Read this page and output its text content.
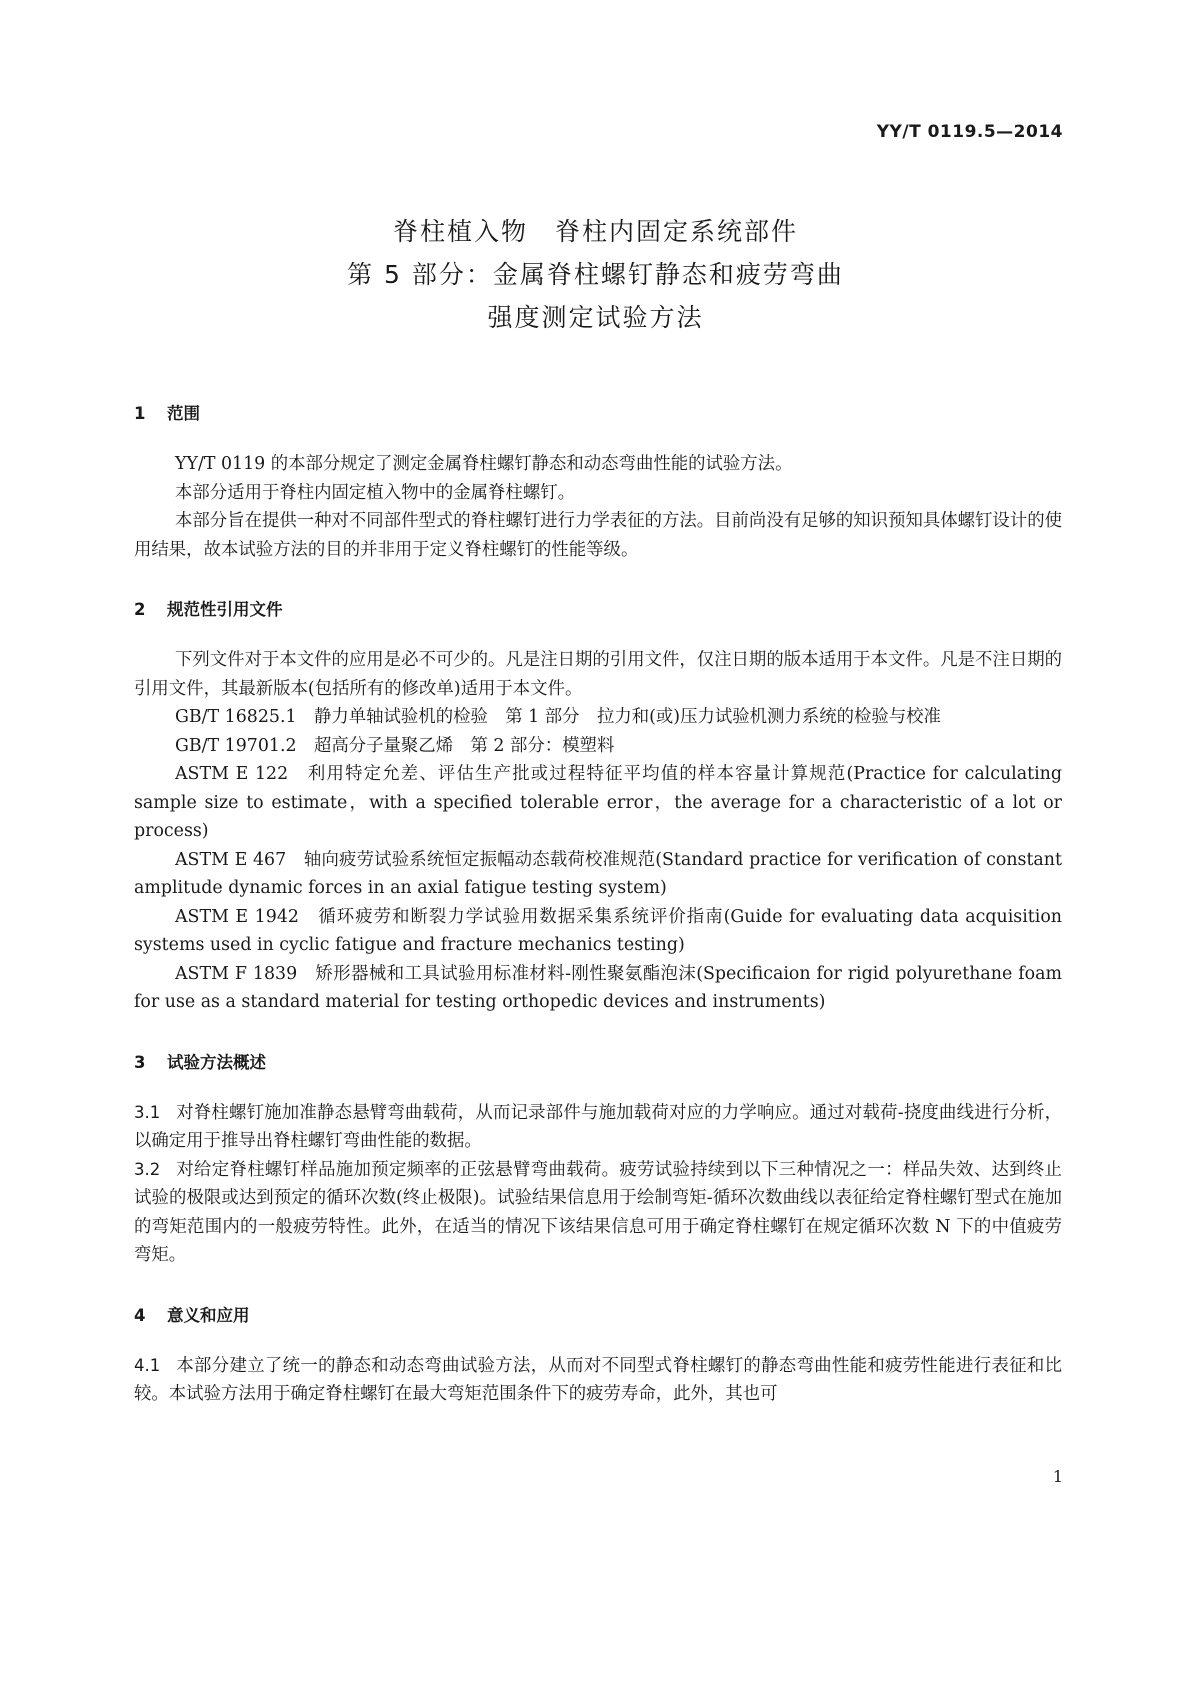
YY/T 0119.5—2014
脊柱植入物　脊柱内固定系统部件
第 5 部分：金属脊柱螺钉静态和疲劳弯曲
强度测定试验方法
1 范围

YY/T 0119 的本部分规定了测定金属脊柱螺钉静态和动态弯曲性能的试验方法。

本部分适用于脊柱内固定植入物中的金属脊柱螺钉。

本部分旨在提供一种对不同部件型式的脊柱螺钉进行力学表征的方法。目前尚没有足够的知识预知具体螺钉设计的使用结果，故本试验方法的目的并非用于定义脊柱螺钉的性能等级。

2 规范性引用文件

下列文件对于本文件的应用是必不可少的。凡是注日期的引用文件，仅注日期的版本适用于本文件。凡是不注日期的引用文件，其最新版本(包括所有的修改单)适用于本文件。

GB/T 16825.1　静力单轴试验机的检验　第 1 部分　拉力和(或)压力试验机测力系统的检验与校准

GB/T 19701.2　超高分子量聚乙烯　第 2 部分：模塑料

ASTM E 122　利用特定允差、评估生产批或过程特征平均值的样本容量计算规范(Practice for calculating sample size to estimate，with a specified tolerable error，the average for a characteristic of a lot or process)

ASTM E 467　轴向疲劳试验系统恒定振幅动态载荷校准规范(Standard practice for verification of constant amplitude dynamic forces in an axial fatigue testing system)

ASTM E 1942　循环疲劳和断裂力学试验用数据采集系统评价指南(Guide for evaluating data acquisition systems used in cyclic fatigue and fracture mechanics testing)

ASTM F 1839　矫形器械和工具试验用标准材料-刚性聚氨酯泡沫(Specificaion for rigid polyurethane foam for use as a standard material for testing orthopedic devices and instruments)

3 试验方法概述

3.1 对脊柱螺钉施加准静态悬臂弯曲载荷，从而记录部件与施加载荷对应的力学响应。通过对载荷-挠度曲线进行分析，以确定用于推导出脊柱螺钉弯曲性能的数据。

3.2 对给定脊柱螺钉样品施加预定频率的正弦悬臂弯曲载荷。疲劳试验持续到以下三种情况之一：样品失效、达到终止试验的极限或达到预定的循环次数(终止极限)。试验结果信息用于绘制弯矩-循环次数曲线以表征给定脊柱螺钉型式在施加的弯矩范围内的一般疲劳特性。此外，在适当的情况下该结果信息可用于确定脊柱螺钉在规定循环次数 N 下的中值疲劳弯矩。

4 意义和应用

4.1 本部分建立了统一的静态和动态弯曲试验方法，从而对不同型式脊柱螺钉的静态弯曲性能和疲劳性能进行表征和比较。本试验方法用于确定脊柱螺钉在最大弯矩范围条件下的疲劳寿命，此外，其也可

1
